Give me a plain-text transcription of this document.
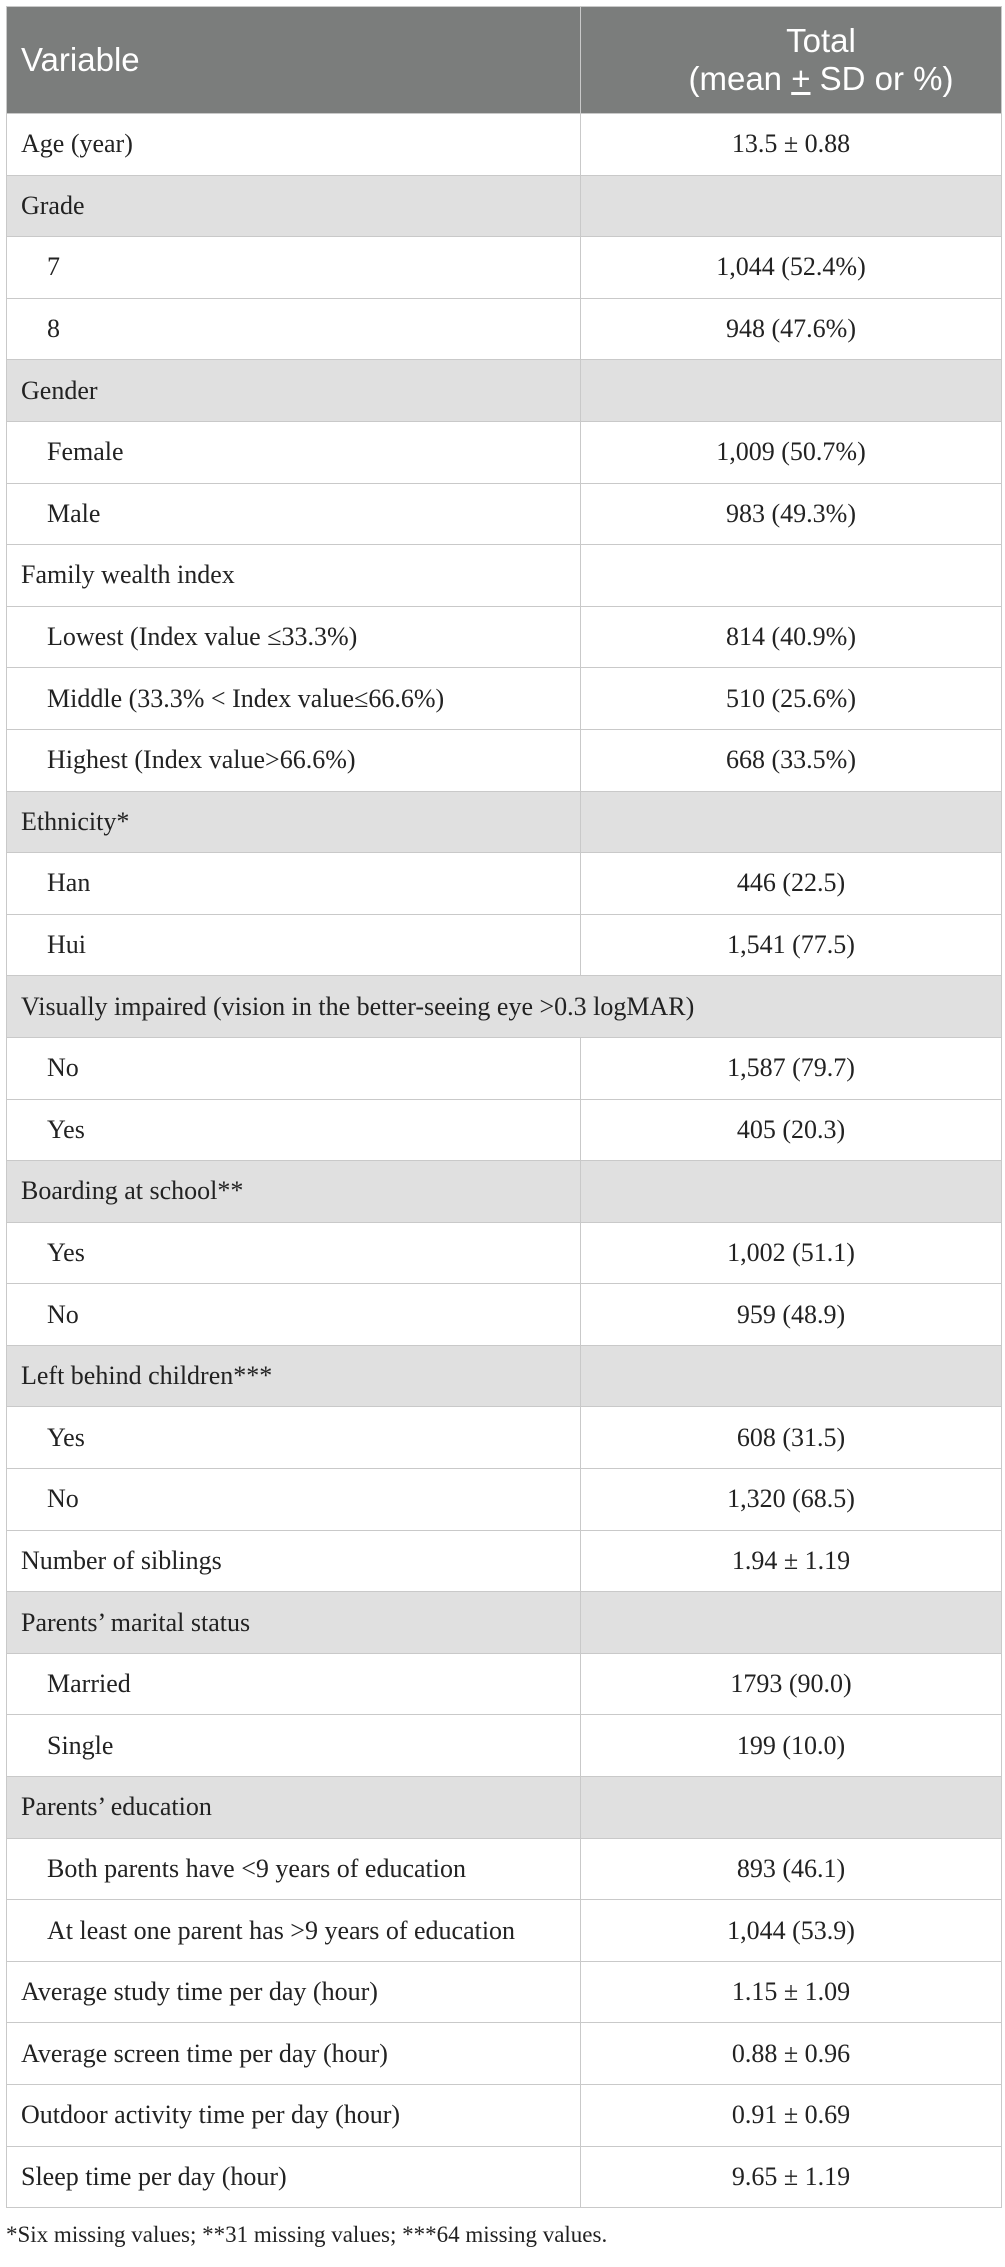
Variable	Total
(mean + SD or %)

Age (year)	13.5 ± 0.88
Grade	
7	1,044 (52.4%)
8	948 (47.6%)
Gender	
Female	1,009 (50.7%)
Male	983 (49.3%)
Family wealth index	
Lowest (Index value ≤33.3%)	814 (40.9%)
Middle (33.3% < Index value≤66.6%)	510 (25.6%)
Highest (Index value>66.6%)	668 (33.5%)
Ethnicity*	
Han	446 (22.5)
Hui	1,541 (77.5)
Visually impaired (vision in the better-seeing eye >0.3 logMAR)	
No	1,587 (79.7)
Yes	405 (20.3)
Boarding at school**	
Yes	1,002 (51.1)
No	959 (48.9)
Left behind children***	
Yes	608 (31.5)
No	1,320 (68.5)
Number of siblings	1.94 ± 1.19
Parents’ marital status	
Married	1793 (90.0)
Single	199 (10.0)
Parents’ education	
Both parents have <9 years of education	893 (46.1)
At least one parent has >9 years of education	1,044 (53.9)
Average study time per day (hour)	1.15 ± 1.09
Average screen time per day (hour)	0.88 ± 0.96
Outdoor activity time per day (hour)	0.91 ± 0.69
Sleep time per day (hour)	9.65 ± 1.19
*Six missing values; **31 missing values; ***64 missing values.
